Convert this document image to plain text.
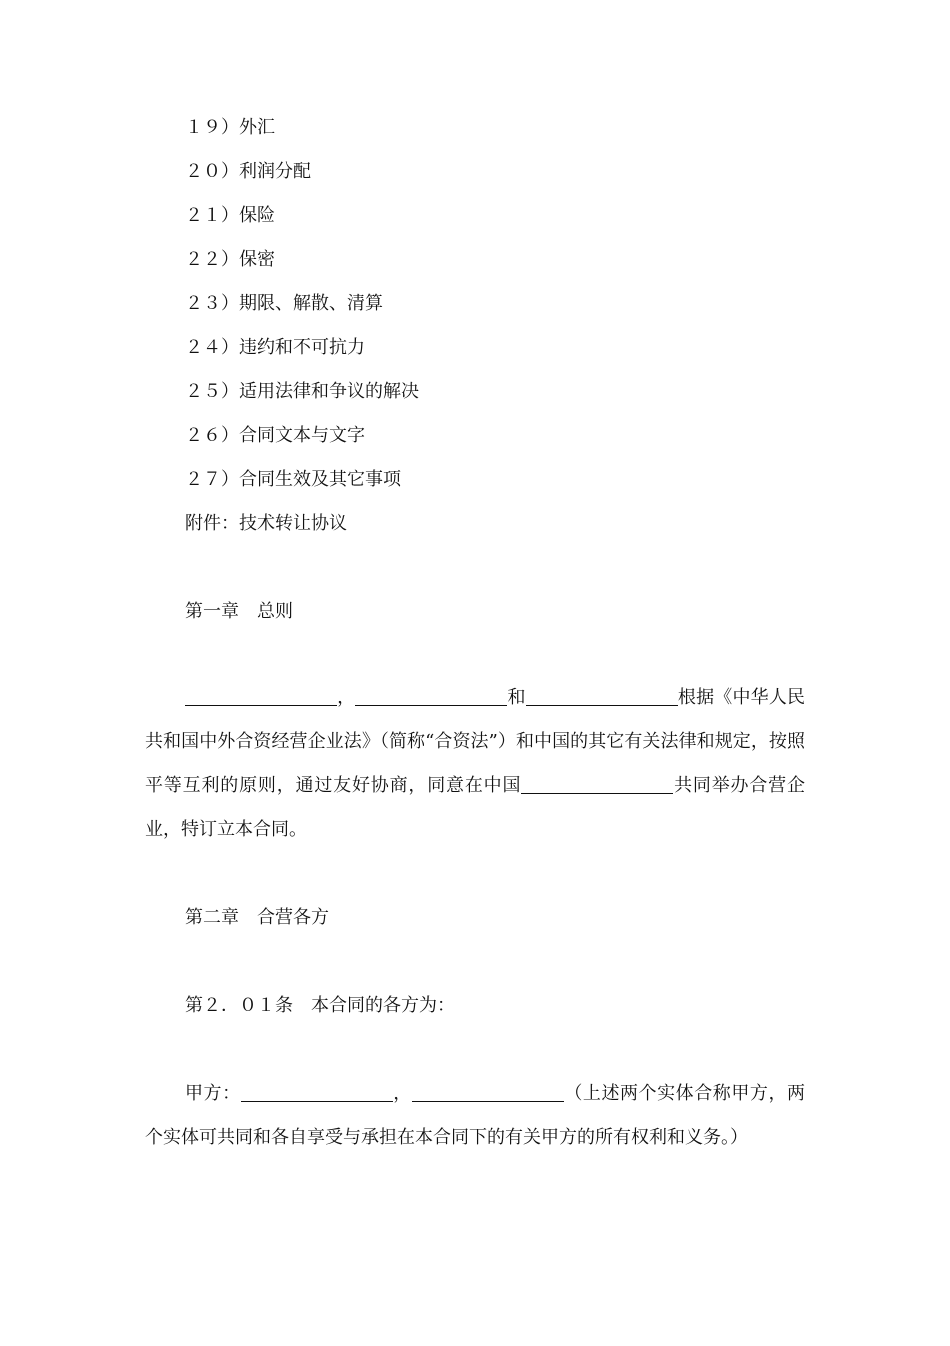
１９）外汇
２０）利润分配
２１）保险
２２）保密
２３）期限、解散、清算
２４）违约和不可抗力
２５）适用法律和争议的解决
２６）合同文本与文字
２７）合同生效及其它事项
附件：技术转让协议
第一章　总则
，	和	根据《中华人民共和国中外合资经营企业法》（简称“合资法”）和中国的其它有关法律和规定，按照平等互利的原则，通过友好协商，同意在中国	共同举办合营企业，特订立本合同。
第二章　合营各方
第２．０１条　本合同的各方为：
甲方：	，	（上述两个实体合称甲方，两个实体可共同和各自享受与承担在本合同下的有关甲方的所有权利和义务。）
